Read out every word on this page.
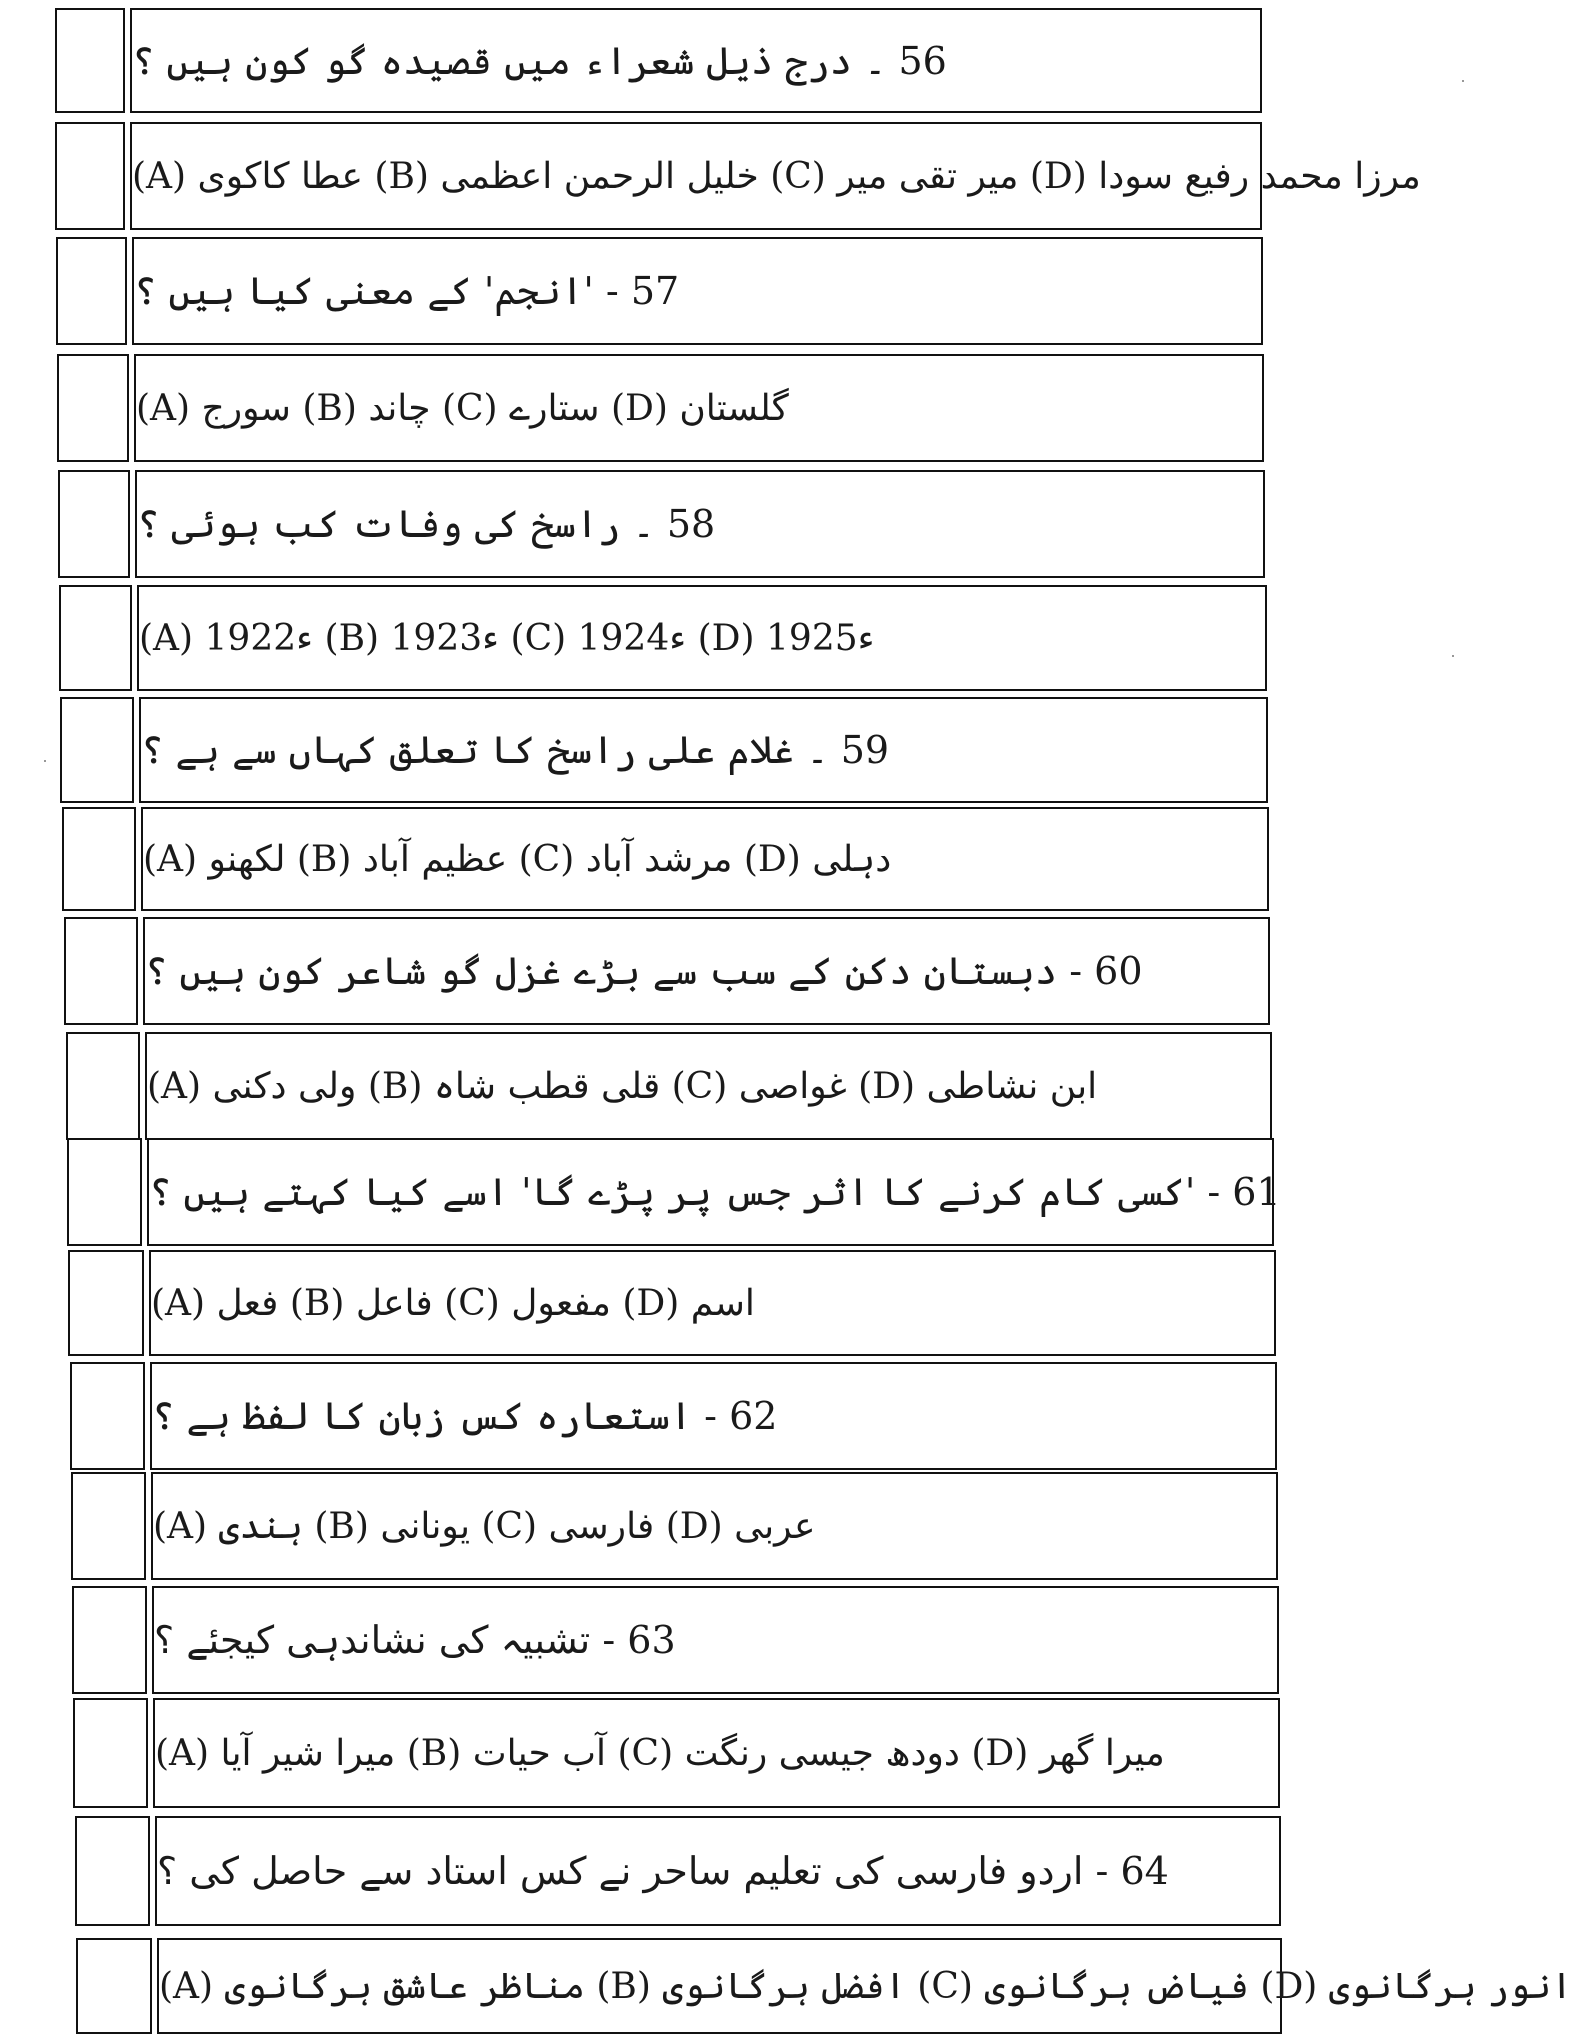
56 ۔ درج ذیل شعراء میں قصیدہ گو کون ہیں ؟
(A) عطا کاکوی (B) خلیل الرحمن اعظمی (C) میر تقی میر (D) مرزا محمد رفیع سودا
57 - 'انجم' کے معنی کیا ہیں ؟
(A) سورج (B) چاند (C) ستارے (D) گلستان
58 ۔ راسخ کی وفات کب ہوئی ؟
(A) 1922ء (B) 1923ء (C) 1924ء (D) 1925ء
59 ۔ غلام علی راسخ کا تعلق کہاں سے ہے ؟
(A) لکھنو (B) عظیم آباد (C) مرشد آباد (D) دہلی
60 - دبستان دکن کے سب سے بڑے غزل گو شاعر کون ہیں ؟
(A) ولی دکنی (B) قلی قطب شاہ (C) غواصی (D) ابن نشاطی
61 - 'کسی کام کرنے کا اثر جس پر پڑے گا' اسے کیا کہتے ہیں ؟
(A) فعل (B) فاعل (C) مفعول (D) اسم
62 - استعارہ کس زبان کا لفظ ہے ؟
(A) ہندی (B) یونانی (C) فارسی (D) عربی
63 - تشبیہ کی نشاندہی کیجئے ؟
(A) میرا شیر آیا (B) آب حیات (C) دودھ جیسی رنگت (D) میرا گھر
64 - اردو فارسی کی تعلیم ساحر نے کس استاد سے حاصل کی ؟
(A) مناظر عاشق ہرگانوی (B) افضل ہرگانوی (C) فیاض ہرگانوی (D) انور ہرگانوی
